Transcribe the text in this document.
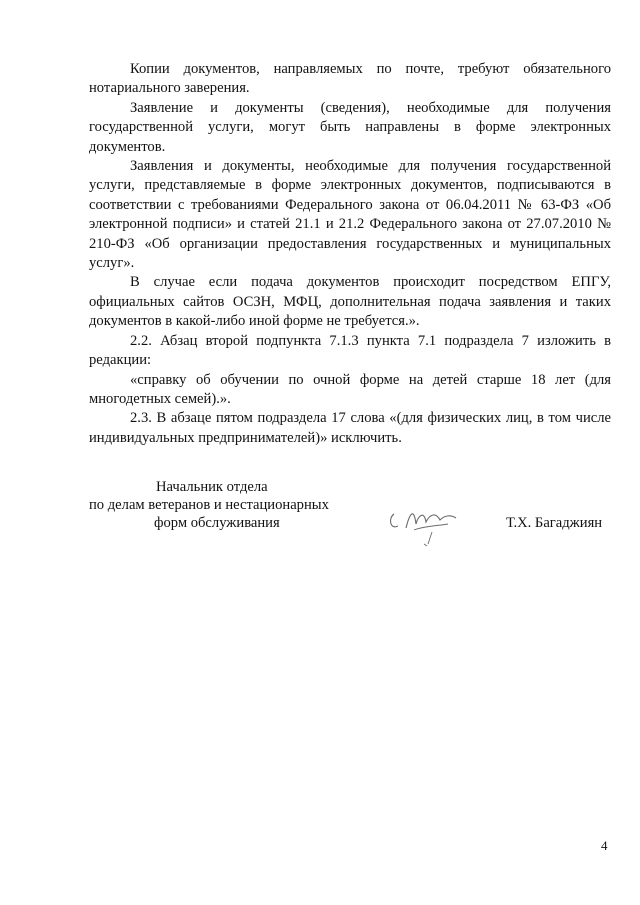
Копии документов, направляемых по почте, требуют обязательного нотариального заверения.

Заявление и документы (сведения), необходимые для получения государственной услуги, могут быть направлены в форме электронных документов.

Заявления и документы, необходимые для получения государственной услуги, представляемые в форме электронных документов, подписываются в соответствии с требованиями Федерального закона от 06.04.2011 № 63-ФЗ «Об электронной подписи» и статей 21.1 и 21.2 Федерального закона от 27.07.2010 № 210-ФЗ «Об организации предоставления государственных и муниципальных услуг».

В случае если подача документов происходит посредством ЕПГУ, официальных сайтов ОСЗН, МФЦ, дополнительная подача заявления и таких документов в какой-либо иной форме не требуется.».

2.2. Абзац второй подпункта 7.1.3 пункта 7.1 подраздела 7 изложить в редакции:

«справку об обучении по очной форме на детей старше 18 лет (для многодетных семей).».

2.3. В абзаце пятом подраздела 17 слова «(для физических лиц, в том числе индивидуальных предпринимателей)» исключить.

Начальник отдела
по делам ветеранов и нестационарных
форм обслуживания	Т.Х. Багаджиян
4
